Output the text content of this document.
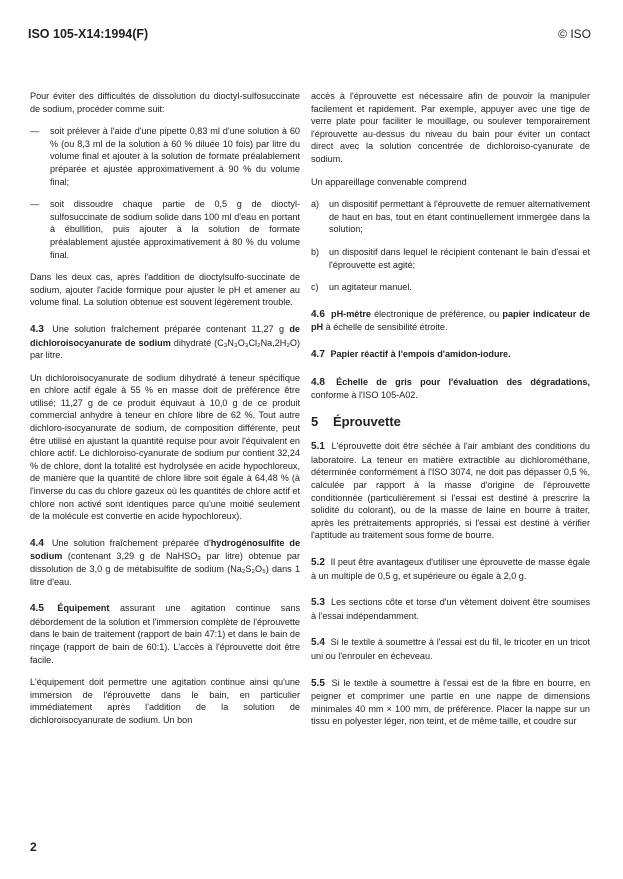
ISO 105-X14:1994(F)	© ISO

Pour éviter des difficultés de dissolution du dioctyl-sulfosuccinate de sodium, procéder comme suit:

—	soit prélever à l'aide d'une pipette 0,83 ml d'une solution à 60 % (ou 8,3 ml de la solution à 60 % diluée 10 fois) par litre du volume final et ajouter à la solution de formate préalablement préparée et ajustée approximativement à 90 % du volume final;
—	soit dissoudre chaque partie de 0,5 g de dioctyl-sulfosuccinate de sodium solide dans 100 ml d'eau en portant à ébullition, puis ajouter à la solution de formate préalablement ajustée approximativement à 80 % du volume final.

Dans les deux cas, après l'addition de dioctylsulfo-succinate de sodium, ajouter l'acide formique pour ajuster le pH et amener au volume final. La solution obtenue est souvent légèrement trouble.

4.3 Une solution fraîchement préparée contenant 11,27 g de dichloroisocyanurate de sodium dihydraté (C₃N₃O₃Cl₂Na,2H₂O) par litre.

Un dichloroisocyanurate de sodium dihydraté à teneur spécifique en chlore actif égale à 55 % en masse doit de préférence être utilisé; 11,27 g de ce produit équivaut à 10,0 g de ce produit commercial anhydre à teneur en chlore libre de 62 %. Tout autre dichloro-isocyanurate de sodium, de composition différente, peut être utilisé en ajustant la quantité requise pour avoir l'équivalent en chlore actif. Le dichloroiso-cyanurate de sodium pur contient 32,24 % de chlore, dont la totalité est hydrolysée en acide hypochloreux, de manière que la quantité de chlore libre soit égale à 64,48 % (à l'inverse du cas du chlore gazeux où les quantités de chlore actif et chlore non activé sont identiques parce qu'une moitié seulement de la molécule est convertie en acide hypochloreux).

4.4 Une solution fraîchement préparée d'hydrogénosulfite de sodium (contenant 3,29 g de NaHSO₃ par litre) obtenue par dissolution de 3,0 g de métabisulfite de sodium (Na₂S₂O₅) dans 1 litre d'eau.

4.5 Équipement assurant une agitation continue sans débordement de la solution et l'immersion complète de l'éprouvette dans le bain de traitement (rapport de bain 47:1) et dans le bain de rinçage (rapport de bain de 60:1). L'accès à l'éprouvette doit être facile.

L'équipement doit permettre une agitation continue ainsi qu'une immersion de l'éprouvette dans le bain, en particulier immédiatement après l'addition de la solution de dichloroisocyanurate de sodium. Un bon

accès à l'éprouvette est nécessaire afin de pouvoir la manipuler facilement et rapidement. Par exemple, appuyer avec une tige de verre plate pour faciliter le mouillage, ou soulever temporairement l'éprouvette au-dessus du niveau du bain pour éviter un contact direct avec la solution concentrée de dichloroiso-cyanurate de sodium.

Un appareillage convenable comprend

a)	un dispositif permettant à l'éprouvette de remuer alternativement de haut en bas, tout en étant continuellement immergée dans la solution;
b)	un dispositif dans lequel le récipient contenant le bain d'essai et l'éprouvette est agité;
c)	un agitateur manuel.

4.6 pH-mètre électronique de préférence, ou papier indicateur de pH à échelle de sensibilité étroite.

4.7 Papier réactif à l'empois d'amidon-iodure.

4.8 Échelle de gris pour l'évaluation des dégradations, conforme à l'ISO 105-A02.

5	Éprouvette

5.1 L'éprouvette doit être séchée à l'air ambiant des conditions du laboratoire. La teneur en matière extractible au dichlorométhane, déterminée conformément à l'ISO 3074, ne doit pas dépasser 0,5 %, calculée par rapport à la masse d'origine de l'éprouvette conditionnée (particulièrement si l'essai est destiné à prescrire la solidité du colorant), ou de la masse de laine en bourre à traiter, après les prétraitements appropriés, si l'essai est destiné à vérifier l'aptitude au traitement sous forme de bourre.

5.2 Il peut être avantageux d'utiliser une éprouvette de masse égale à un multiple de 0,5 g, et supérieure ou égale à 2,0 g.

5.3 Les sections côte et torse d'un vêtement doivent être soumises à l'essai indépendamment.

5.4 Si le textile à soumettre à l'essai est du fil, le tricoter en un tricot uni ou l'enrouler en écheveau.

5.5 Si le textile à soumettre à l'essai est de la fibre en bourre, en peigner et comprimer une partie en une nappe de dimensions minimales 40 mm × 100 mm, de préférence. Placer la nappe sur un tissu en polyester léger, non teint, et de même taille, et coudre sur

2
